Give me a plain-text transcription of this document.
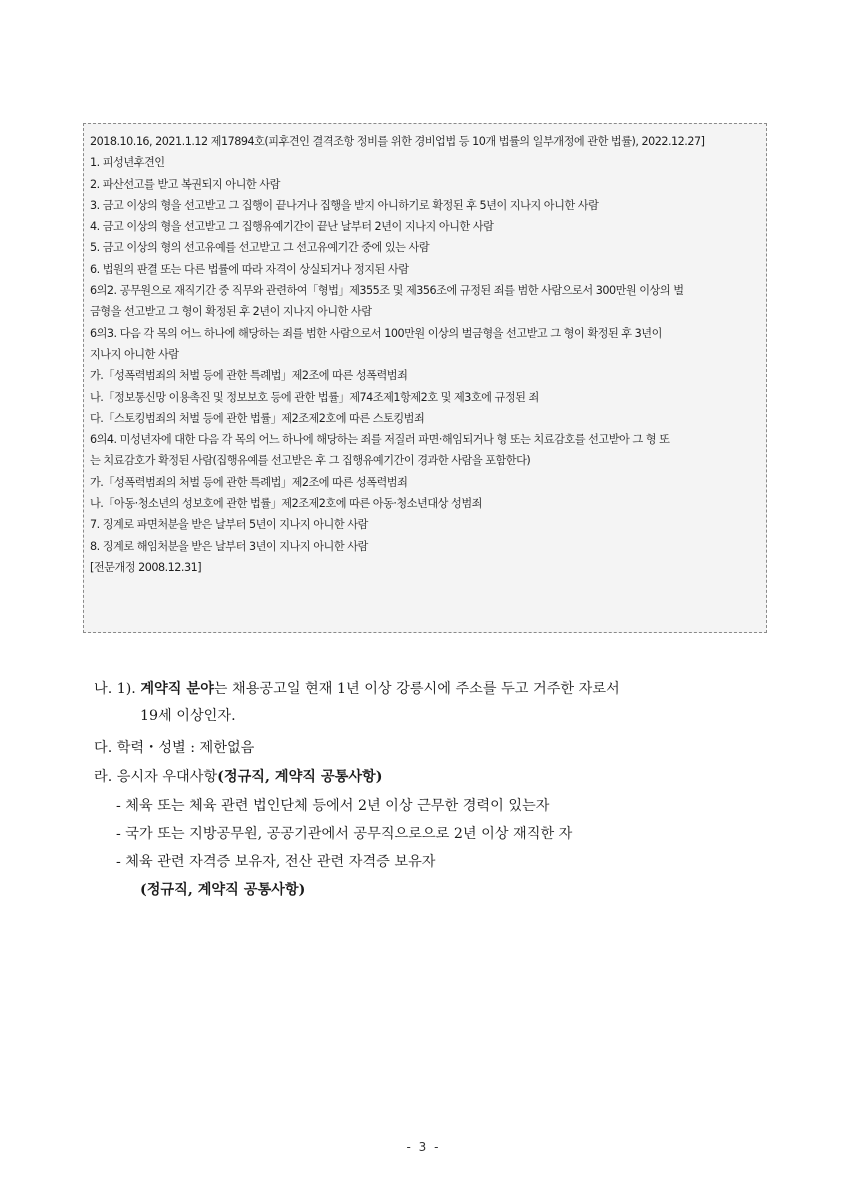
2018.10.16, 2021.1.12 제17894호(피후견인 결격조항 정비를 위한 경비업법 등 10개 법률의 일부개정에 관한 법률), 2022.12.27]
1. 피성년후견인
2. 파산선고를 받고 복권되지 아니한 사람
3. 금고 이상의 형을 선고받고 그 집행이 끝나거나 집행을 받지 아니하기로 확정된 후 5년이 지나지 아니한 사람
4. 금고 이상의 형을 선고받고 그 집행유예기간이 끝난 날부터 2년이 지나지 아니한 사람
5. 금고 이상의 형의 선고유예를 선고받고 그 선고유예기간 중에 있는 사람
6. 법원의 판결 또는 다른 법률에 따라 자격이 상실되거나 정지된 사람
6의2. 공무원으로 재직기간 중 직무와 관련하여「형법」제355조 및 제356조에 규정된 죄를 범한 사람으로서 300만원 이상의 벌
금형을 선고받고 그 형이 확정된 후 2년이 지나지 아니한 사람
6의3. 다음 각 목의 어느 하나에 해당하는 죄를 범한 사람으로서 100만원 이상의 벌금형을 선고받고 그 형이 확정된 후 3년이
지나지 아니한 사람
가.「성폭력범죄의 처벌 등에 관한 특례법」제2조에 따른 성폭력범죄
나.「정보통신망 이용촉진 및 정보보호 등에 관한 법률」제74조제1항제2호 및 제3호에 규정된 죄
다.「스토킹범죄의 처벌 등에 관한 법률」제2조제2호에 따른 스토킹범죄
6의4. 미성년자에 대한 다음 각 목의 어느 하나에 해당하는 죄를 저질러 파면·해임되거나 형 또는 치료감호를 선고받아 그 형 또
는 치료감호가 확정된 사람(집행유예를 선고받은 후 그 집행유예기간이 경과한 사람을 포함한다)
가.「성폭력범죄의 처벌 등에 관한 특례법」제2조에 따른 성폭력범죄
나.「아동·청소년의 성보호에 관한 법률」제2조제2호에 따른 아동·청소년대상 성범죄
7. 징계로 파면처분을 받은 날부터 5년이 지나지 아니한 사람
8. 징계로 해임처분을 받은 날부터 3년이 지나지 아니한 사람
[전문개정 2008.12.31]
나. 1). 계약직 분야는 채용공고일 현재 1년 이상 강릉시에 주소를 두고 거주한 자로서
19세 이상인자.
다. 학력・성별 : 제한없음
라. 응시자 우대사항(정규직, 계약직 공통사항)
- 체육 또는 체육 관련 법인단체 등에서 2년 이상 근무한 경력이 있는자
- 국가 또는 지방공무원, 공공기관에서 공무직으로으로 2년 이상 재직한 자
- 체육 관련 자격증 보유자, 전산 관련 자격증 보유자
(정규직, 계약직 공통사항)
- 3 -
